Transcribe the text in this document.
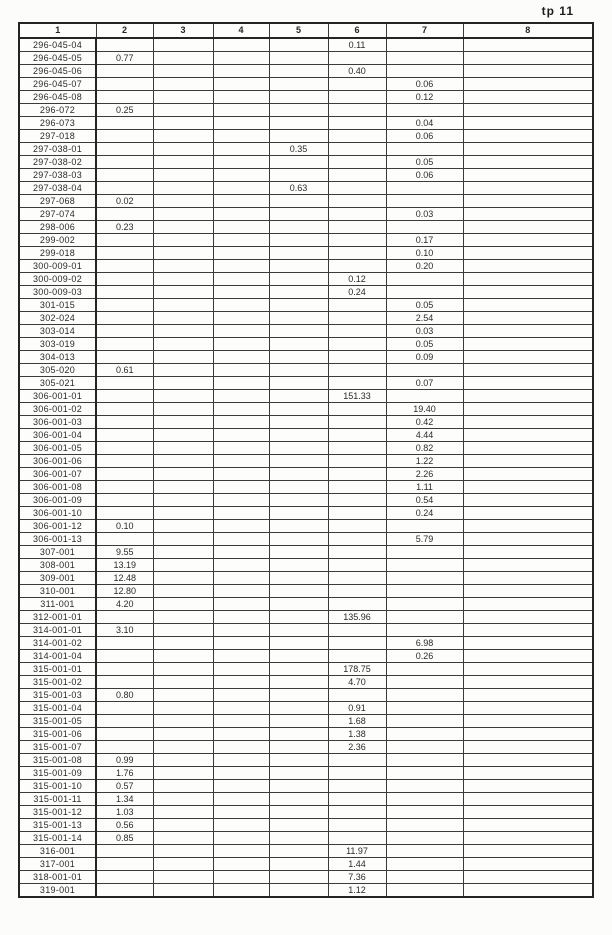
tp 11
1	2	3	4	5	6	7	8
296-045-04					0.11		
296-045-05	0.77						
296-045-06					0.40		
296-045-07						0.06	
296-045-08						0.12	
296-072	0.25						
296-073						0.04	
297-018						0.06	
297-038-01				0.35			
297-038-02						0.05	
297-038-03						0.06	
297-038-04				0.63			
297-068	0.02						
297-074						0.03	
298-006	0.23						
299-002						0.17	
299-018						0.10	
300-009-01						0.20	
300-009-02					0.12		
300-009-03					0.24		
301-015						0.05	
302-024						2.54	
303-014						0.03	
303-019						0.05	
304-013						0.09	
305-020	0.61						
305-021						0.07	
306-001-01					151.33		
306-001-02						19.40	
306-001-03						0.42	
306-001-04						4.44	
306-001-05						0.82	
306-001-06						1.22	
306-001-07						2.26	
306-001-08						1.11	
306-001-09						0.54	
306-001-10						0.24	
306-001-12	0.10						
306-001-13						5.79	
307-001	9.55						
308-001	13.19						
309-001	12.48						
310-001	12.80						
311-001	4.20						
312-001-01					135.96		
314-001-01	3.10						
314-001-02						6.98	
314-001-04						0.26	
315-001-01					178.75		
315-001-02					4.70		
315-001-03	0.80						
315-001-04					0.91		
315-001-05					1.68		
315-001-06					1.38		
315-001-07					2.36		
315-001-08	0.99						
315-001-09	1.76						
315-001-10	0.57						
315-001-11	1.34						
315-001-12	1.03						
315-001-13	0.56						
315-001-14	0.85						
316-001					11.97		
317-001					1.44		
318-001-01					7.36		
319-001					1.12		
